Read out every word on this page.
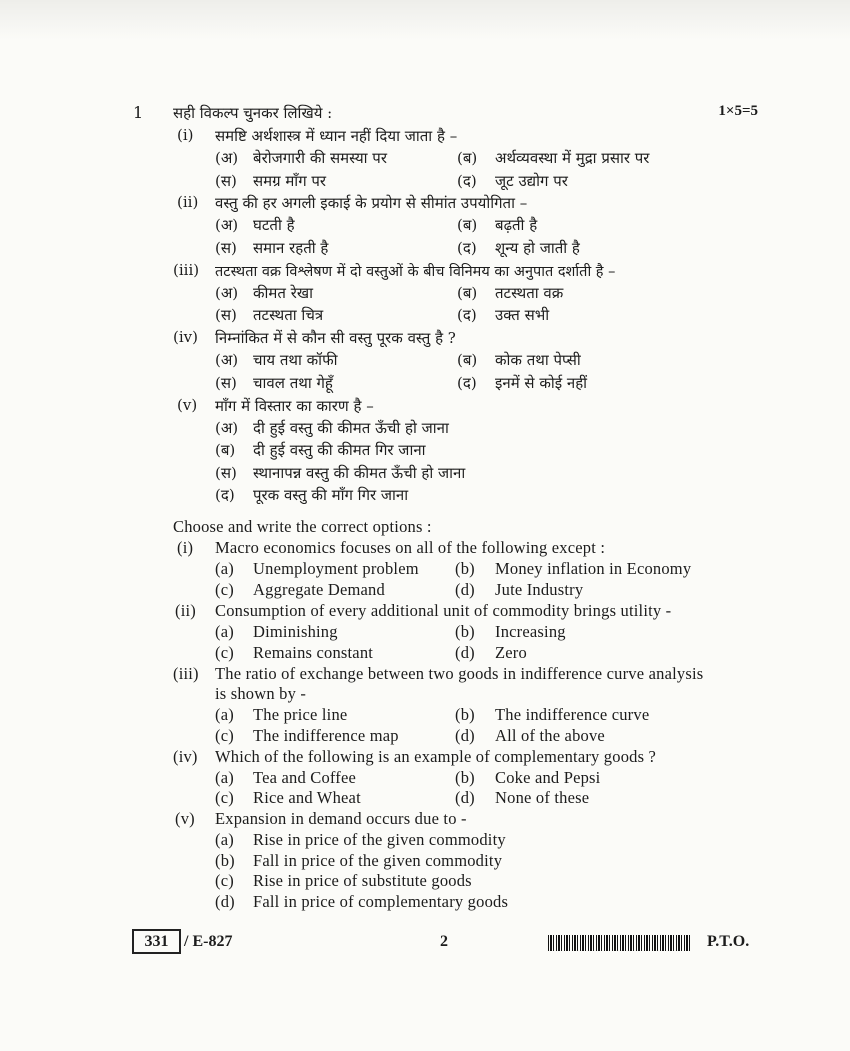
1	1×5=5
सही विकल्प चुनकर लिखिये :
(i) समष्टि अर्थशास्त्र में ध्यान नहीं दिया जाता है –
(अ) बेरोजगारी की समस्या पर	(ब) अर्थव्यवस्था में मुद्रा प्रसार पर
(स) समग्र माँग पर	(द) जूट उद्योग पर
(ii) वस्तु की हर अगली इकाई के प्रयोग से सीमांत उपयोगिता –
(अ) घटती है	(ब) बढ़ती है
(स) समान रहती है	(द) शून्य हो जाती है
(iii) तटस्थता वक्र विश्लेषण में दो वस्तुओं के बीच विनिमय का अनुपात दर्शाती है –
(अ) कीमत रेखा	(ब) तटस्थता वक्र
(स) तटस्थता चित्र	(द) उक्त सभी
(iv) निम्नांकित में से कौन सी वस्तु पूरक वस्तु है ?
(अ) चाय तथा कॉफी	(ब) कोक तथा पेप्सी
(स) चावल तथा गेहूँ	(द) इनमें से कोई नहीं
(v) माँग में विस्तार का कारण है –
(अ) दी हुई वस्तु की कीमत ऊँची हो जाना
(ब) दी हुई वस्तु की कीमत गिर जाना
(स) स्थानापन्न वस्तु की कीमत ऊँची हो जाना
(द) पूरक वस्तु की माँग गिर जाना
Choose and write the correct options :
(i) Macro economics focuses on all of the following except :
(a) Unemployment problem (b) Money inflation in Economy
(c) Aggregate Demand	(d) Jute Industry
(ii) Consumption of every additional unit of commodity brings utility -
(a) Diminishing	(b) Increasing
(c) Remains constant	(d) Zero
(iii) The ratio of exchange between two goods in indifference curve analysis
is shown by -
(a) The price line	(b) The indifference curve
(c) The indifference map	(d) All of the above
(iv) Which of the following is an example of complementary goods ?
(a) Tea and Coffee	(b) Coke and Pepsi
(c) Rice and Wheat	(d) None of these
(v) Expansion in demand occurs due to -
(a) Rise in price of the given commodity
(b) Fall in price of the given commodity
(c) Rise in price of substitute goods
(d) Fall in price of complementary goods
331 / E-827	2	P.T.O.
